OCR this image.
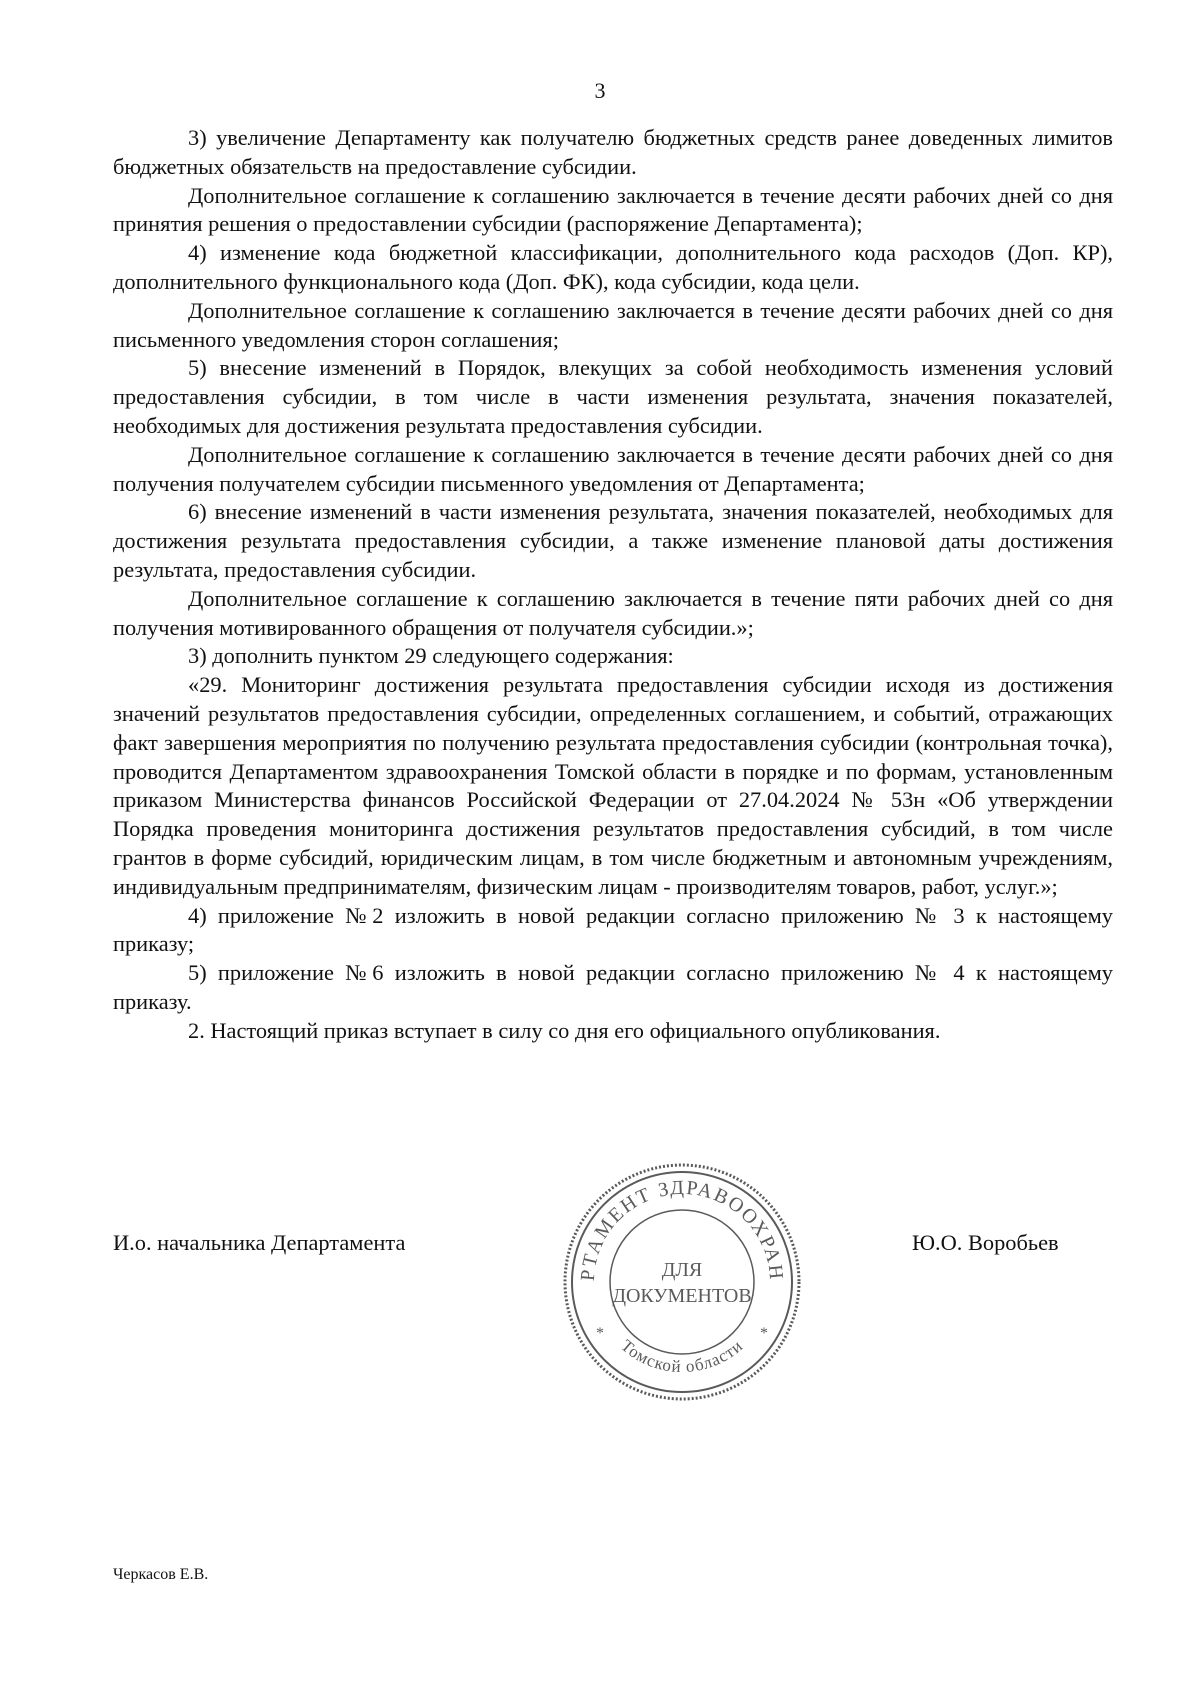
3

3) увеличение Департаменту как получателю бюджетных средств ранее доведенных лимитов бюджетных обязательств на предоставление субсидии.

Дополнительное соглашение к соглашению заключается в течение десяти рабочих дней со дня принятия решения о предоставлении субсидии (распоряжение Департамента);

4) изменение кода бюджетной классификации, дополнительного кода расходов (Доп. КР), дополнительного функционального кода (Доп. ФК), кода субсидии, кода цели.

Дополнительное соглашение к соглашению заключается в течение десяти рабочих дней со дня письменного уведомления сторон соглашения;

5) внесение изменений в Порядок, влекущих за собой необходимость изменения условий предоставления субсидии, в том числе в части изменения результата, значения показателей, необходимых для достижения результата предоставления субсидии.

Дополнительное соглашение к соглашению заключается в течение десяти рабочих дней со дня получения получателем субсидии письменного уведомления от Департамента;

6) внесение изменений в части изменения результата, значения показателей, необходимых для достижения результата предоставления субсидии, а также изменение плановой даты достижения результата, предоставления субсидии.

Дополнительное соглашение к соглашению заключается в течение пяти рабочих дней со дня получения мотивированного обращения от получателя субсидии.»;

3) дополнить пунктом 29 следующего содержания:

«29. Мониторинг достижения результата предоставления субсидии исходя из достижения значений результатов предоставления субсидии, определенных соглашением, и событий, отражающих факт завершения мероприятия по получению результата предоставления субсидии (контрольная точка), проводится Департаментом здравоохранения Томской области в порядке и по формам, установленным приказом Министерства финансов Российской Федерации от 27.04.2024 № 53н «Об утверждении Порядка проведения мониторинга достижения результатов предоставления субсидий, в том числе грантов в форме субсидий, юридическим лицам, в том числе бюджетным и автономным учреждениям, индивидуальным предпринимателям, физическим лицам - производителям товаров, работ, услуг.»;

4) приложение №2 изложить в новой редакции согласно приложению № 3 к настоящему приказу;

5) приложение №6 изложить в новой редакции согласно приложению № 4 к настоящему приказу.

2. Настоящий приказ вступает в силу со дня его официального опубликования.

И.о. начальника Департамента
РТАМЕНТ ЗДРАВООХРАН
Томской области
*	*
ДЛЯ
ДОКУМЕНТОВ
Ю.О. Воробьев
Черкасов Е.В.
